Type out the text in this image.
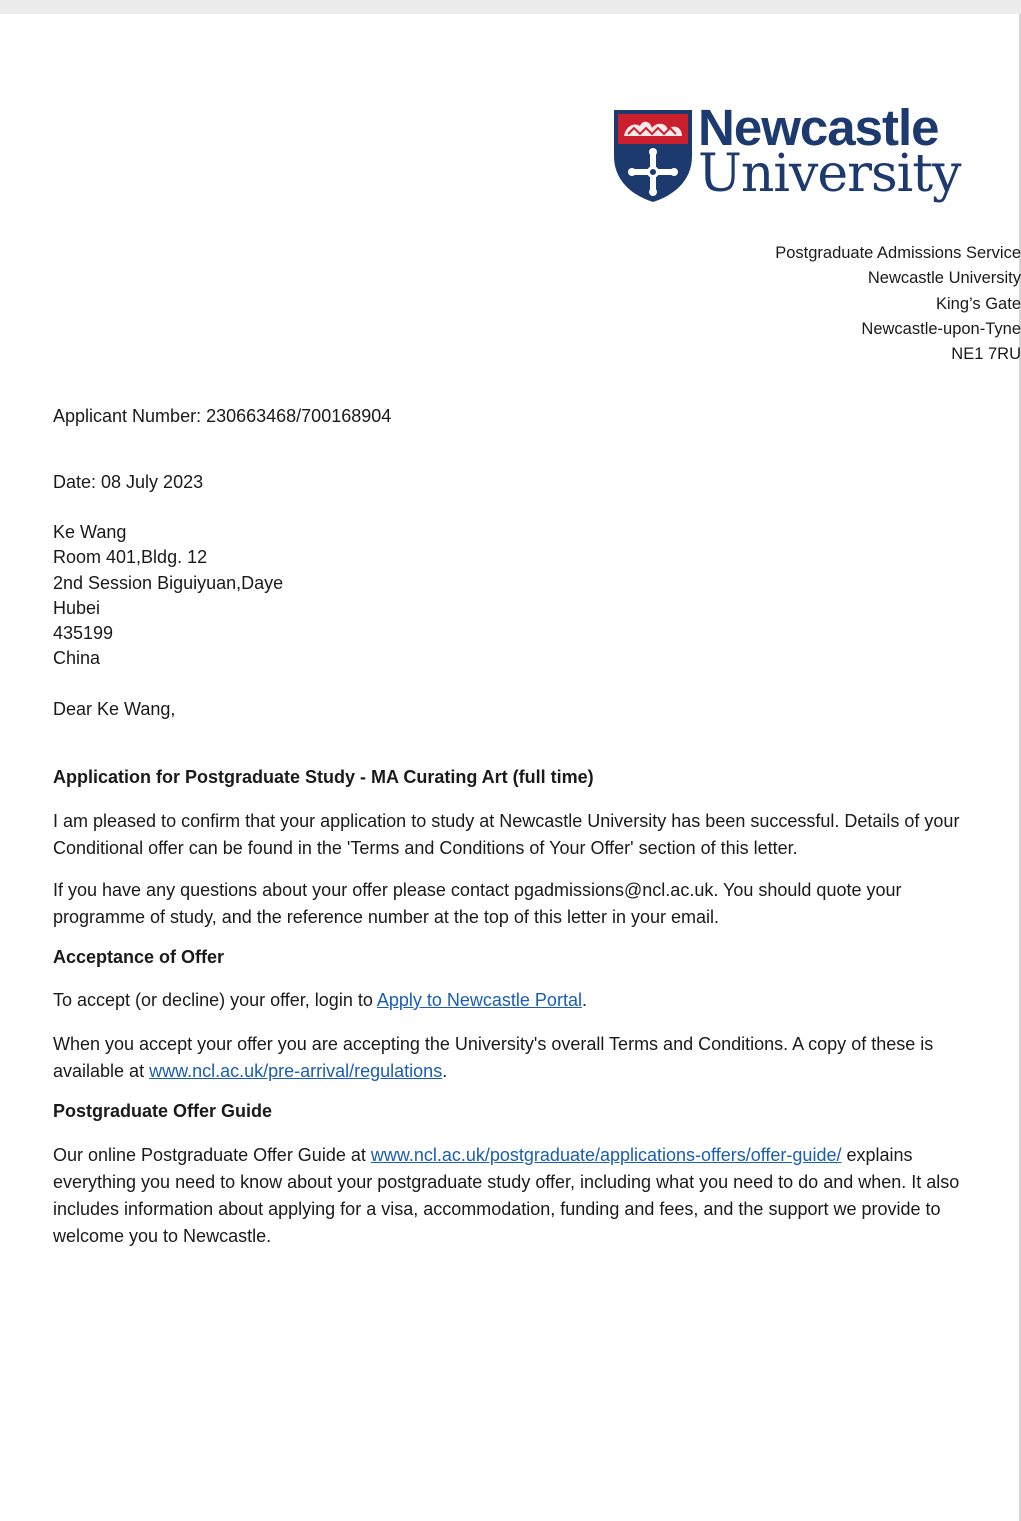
Newcastle
University
Postgraduate Admissions Service
Newcastle University
King’s Gate
Newcastle-upon-Tyne
NE1 7RU
Applicant Number: 230663468/700168904
Date: 08 July 2023
Ke Wang
Room 401,Bldg. 12
2nd Session Biguiyuan,Daye
Hubei
435199
China
Dear Ke Wang,
Application for Postgraduate Study - MA Curating Art (full time)
I am pleased to confirm that your application to study at Newcastle University has been successful. Details of your
Conditional offer can be found in the 'Terms and Conditions of Your Offer' section of this letter.
If you have any questions about your offer please contact pgadmissions@ncl.ac.uk. You should quote your
programme of study, and the reference number at the top of this letter in your email.
Acceptance of Offer
To accept (or decline) your offer, login to Apply to Newcastle Portal.
When you accept your offer you are accepting the University's overall Terms and Conditions. A copy of these is
available at www.ncl.ac.uk/pre-arrival/regulations.
Postgraduate Offer Guide
Our online Postgraduate Offer Guide at www.ncl.ac.uk/postgraduate/applications-offers/offer-guide/ explains
everything you need to know about your postgraduate study offer, including what you need to do and when. It also
includes information about applying for a visa, accommodation, funding and fees, and the support we provide to
welcome you to Newcastle.
